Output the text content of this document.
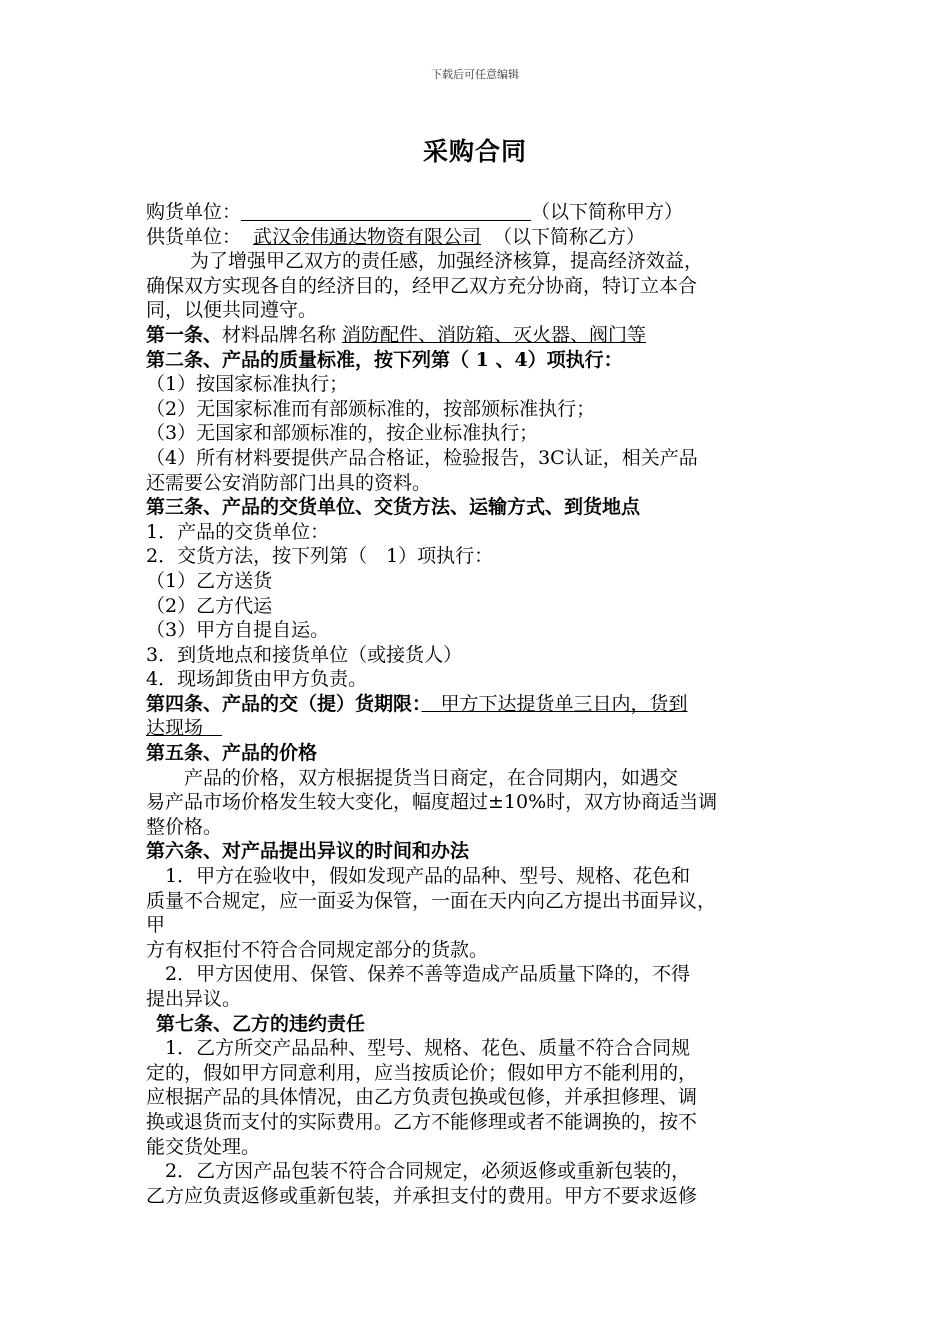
下载后可任意编辑
采购合同
购货单位：	（以下简称甲方）
供货单位： 武汉金伟通达物资有限公司 （以下简称乙方）
为了增强甲乙双方的责任感，加强经济核算，提高经济效益，
确保双方实现各自的经济目的，经甲乙双方充分协商，特订立本合
同，以便共同遵守。
第一条、材料品牌名称 消防配件、消防箱、灭火器、阀门等
第二条、产品的质量标准，按下列第（ 1 、4）项执行：
（1）按国家标准执行；
（2）无国家标准而有部颁标准的，按部颁标准执行；
（3）无国家和部颁标准的，按企业标准执行；
（4）所有材料要提供产品合格证，检验报告，3C认证，相关产品
还需要公安消防部门出具的资料。
第三条、产品的交货单位、交货方法、运输方式、到货地点
1．产品的交货单位：
2．交货方法，按下列第（　1）项执行：
（1）乙方送货
（2）乙方代运
（3）甲方自提自运。
3．到货地点和接货单位（或接货人）
4．现场卸货由甲方负责。
第四条、产品的交（提）货期限：　甲方下达提货单三日内，货到
达现场　
第五条、产品的价格
　　产品的价格，双方根据提货当日商定，在合同期内，如遇交
易产品市场价格发生较大变化，幅度超过±10%时，双方协商适当调
整价格。
第六条、对产品提出异议的时间和办法
　1．甲方在验收中，假如发现产品的品种、型号、规格、花色和
质量不合规定，应一面妥为保管，一面在天内向乙方提出书面异议，
甲
方有权拒付不符合合同规定部分的货款。
　2．甲方因使用、保管、保养不善等造成产品质量下降的，不得
提出异议。
第七条、乙方的违约责任
　1．乙方所交产品品种、型号、规格、花色、质量不符合合同规
定的，假如甲方同意利用，应当按质论价；假如甲方不能利用的，
应根据产品的具体情况，由乙方负责包换或包修，并承担修理、调
换或退货而支付的实际费用。乙方不能修理或者不能调换的，按不
能交货处理。
　2．乙方因产品包装不符合合同规定，必须返修或重新包装的，
乙方应负责返修或重新包装，并承担支付的费用。甲方不要求返修
